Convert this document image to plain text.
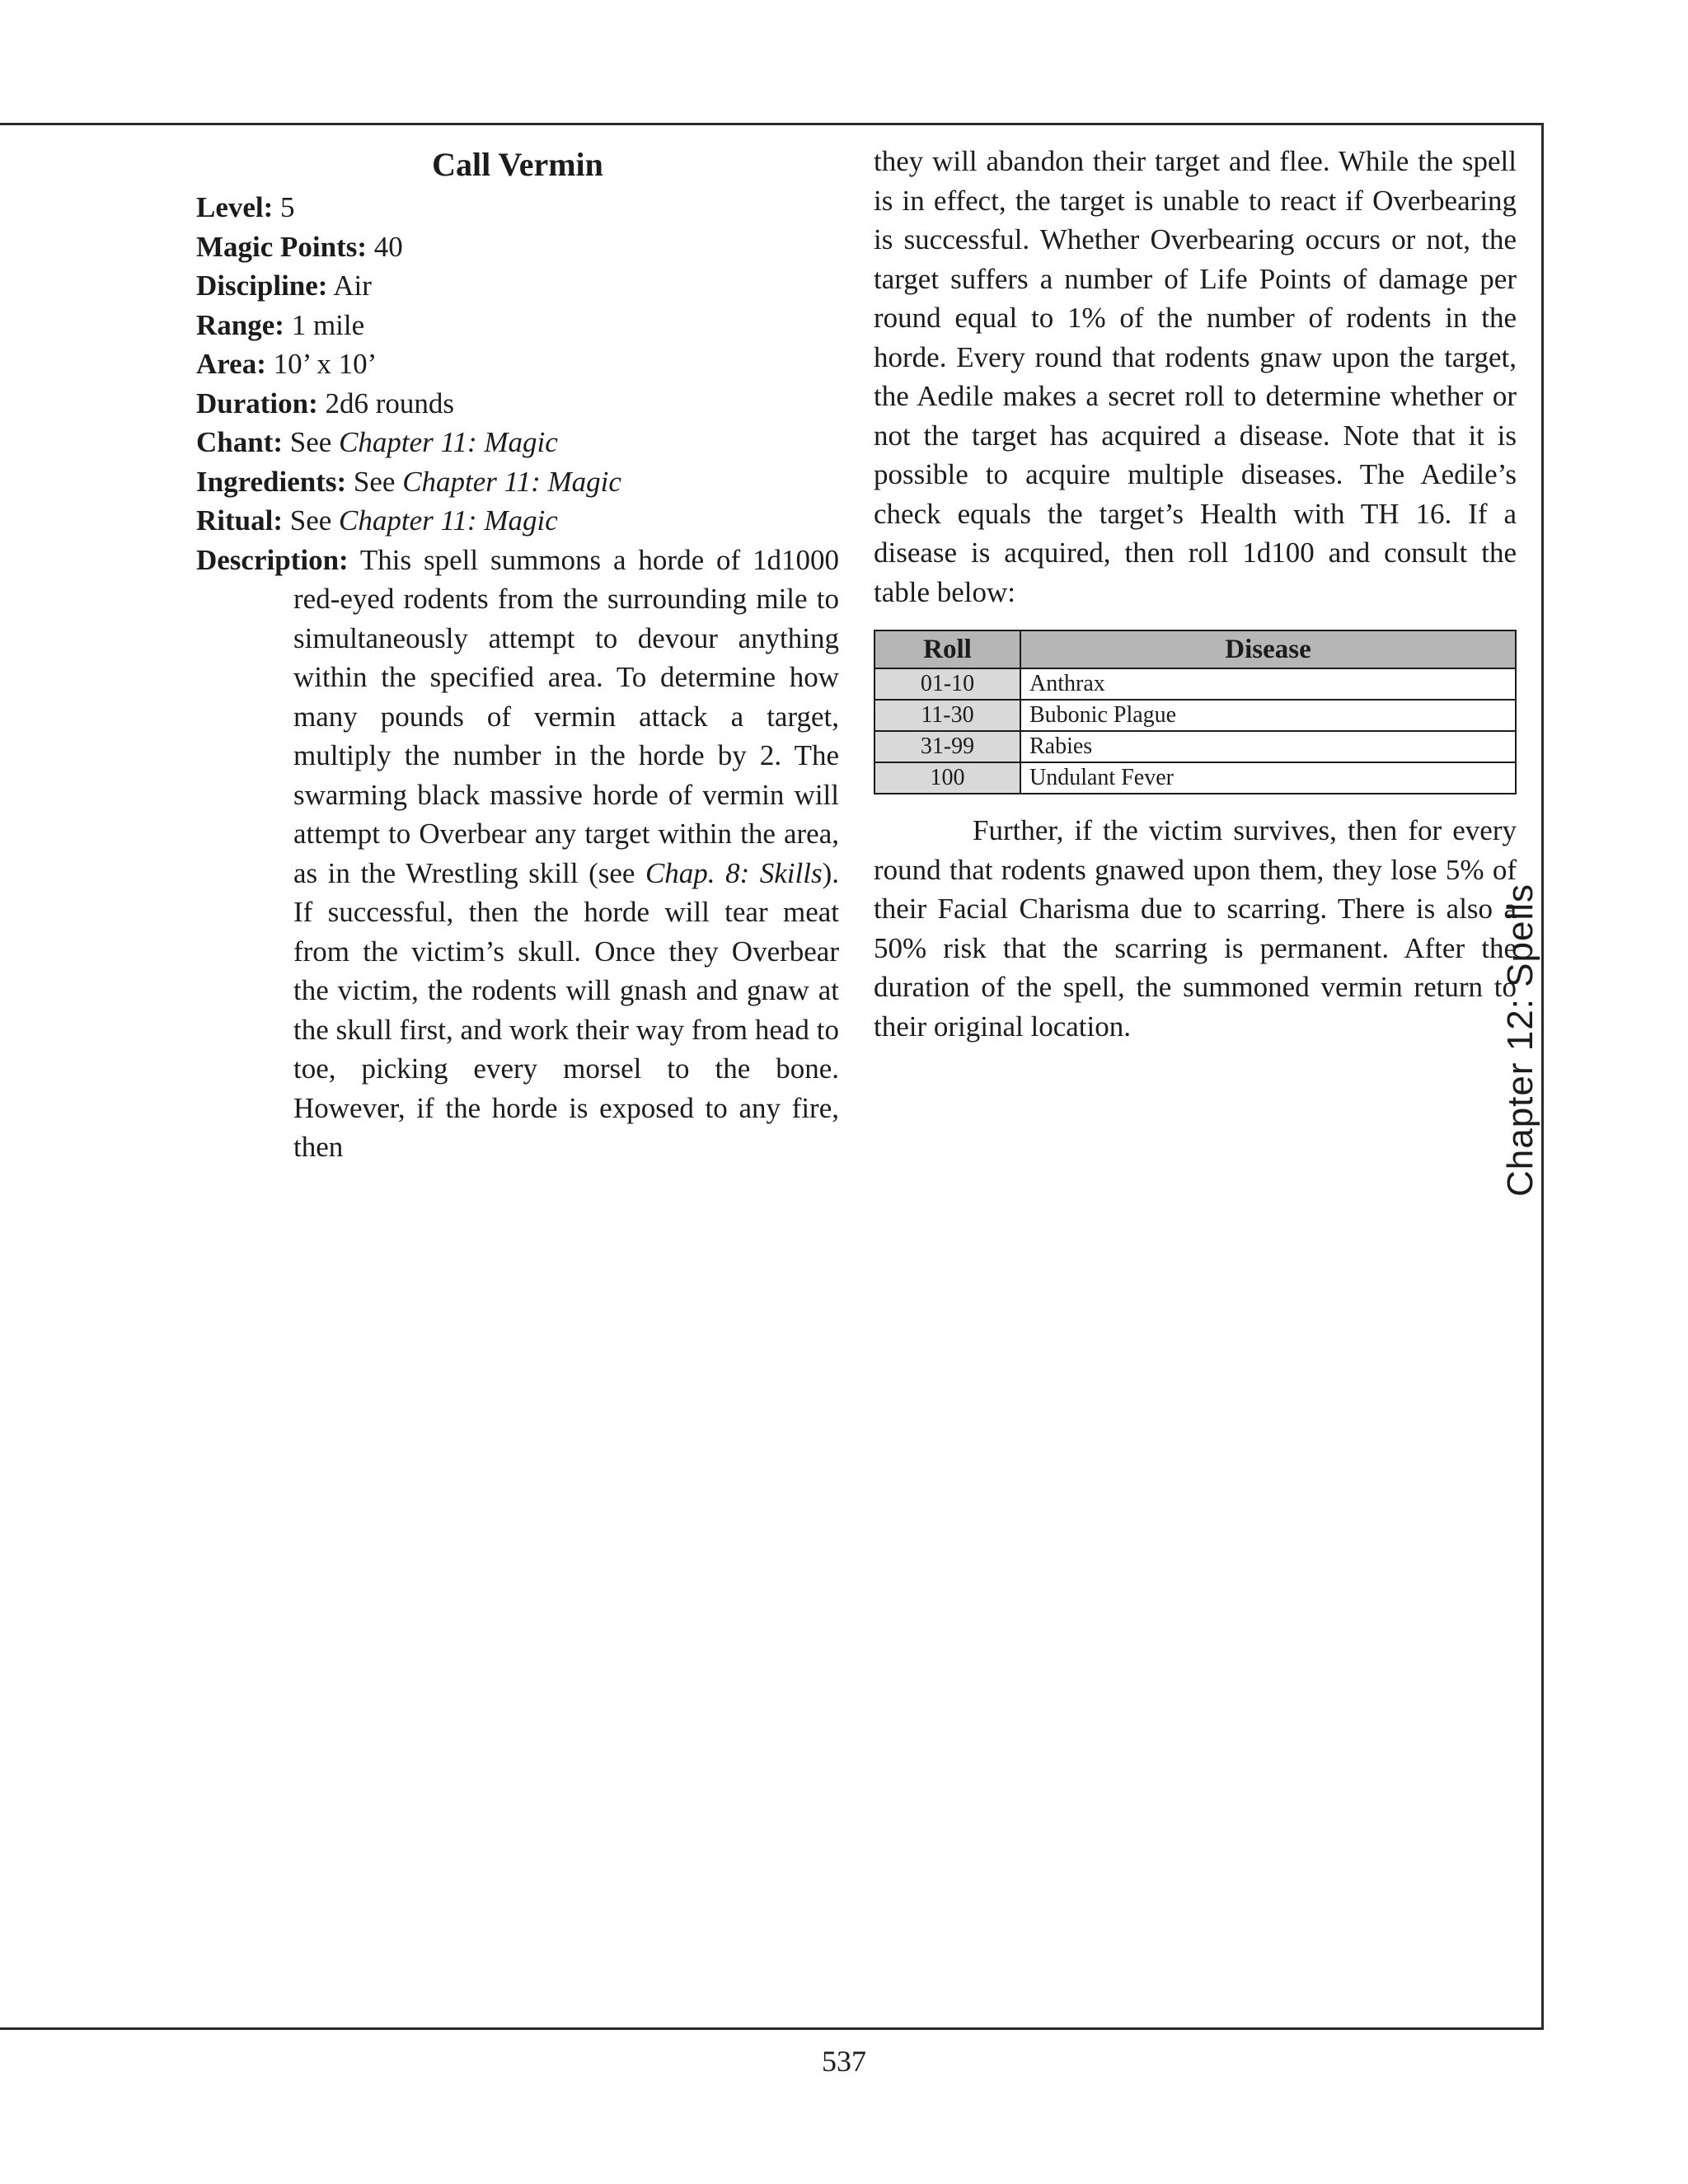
Call Vermin

Level: 5

Magic Points: 40

Discipline: Air

Range: 1 mile

Area: 10’ x 10’

Duration: 2d6 rounds

Chant: See Chapter 11: Magic

Ingredients: See Chapter 11: Magic

Ritual: See Chapter 11: Magic

Description: This spell summons a horde of 1d1000 red-eyed rodents from the surrounding mile to simultaneously attempt to devour anything within the specified area. To determine how many pounds of vermin attack a target, multiply the number in the horde by 2. The swarming black massive horde of vermin will attempt to Overbear any target within the area, as in the Wrestling skill (see Chap. 8: Skills). If successful, then the horde will tear meat from the victim’s skull. Once they Overbear the victim, the rodents will gnash and gnaw at the skull first, and work their way from head to toe, picking every morsel to the bone. However, if the horde is exposed to any fire, then

they will abandon their target and flee. While the spell is in effect, the target is unable to react if Overbearing is successful. Whether Overbearing occurs or not, the target suffers a number of Life Points of damage per round equal to 1% of the number of rodents in the horde. Every round that rodents gnaw upon the target, the Aedile makes a secret roll to determine whether or not the target has acquired a disease. Note that it is possible to acquire multiple diseases. The Aedile’s check equals the target’s Health with TH 16. If a disease is acquired, then roll 1d100 and consult the table below:

Roll	Disease
01-10	Anthrax
11-30	Bubonic Plague
31-99	Rabies
100	Undulant Fever

Further, if the victim survives, then for every round that rodents gnawed upon them, they lose 5% of their Facial Charisma due to scarring. There is also a 50% risk that the scarring is permanent. After the duration of the spell, the summoned vermin return to their original location.	Chapter 12: Spells
537
